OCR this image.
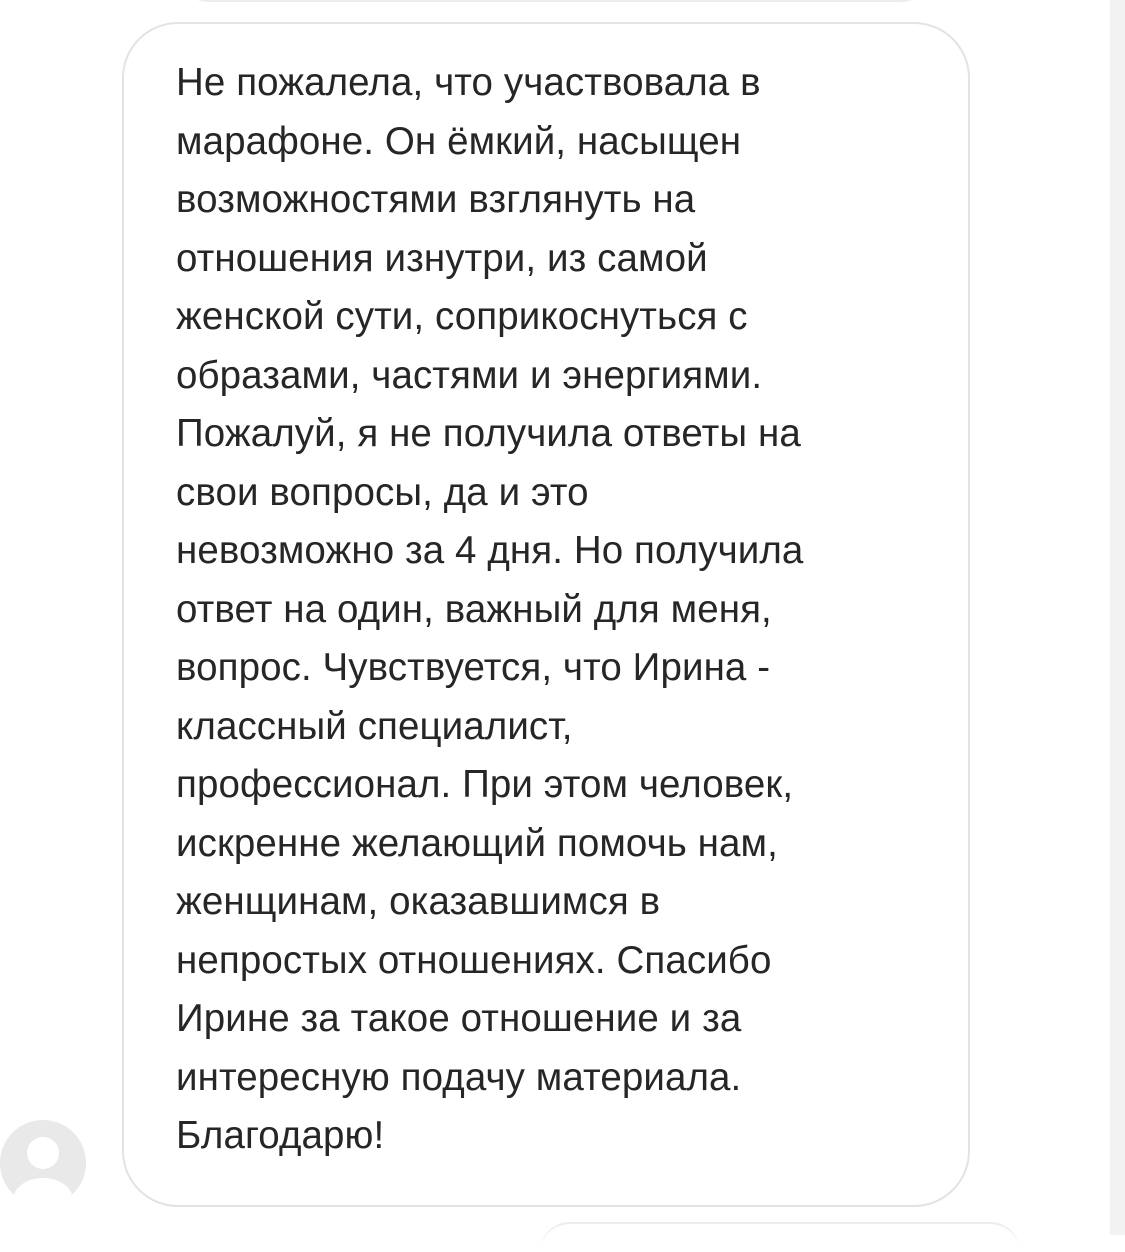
Не пожалела, что участвовала в
марафоне. Он ёмкий, насыщен
возможностями взглянуть на
отношения изнутри, из самой
женской сути, соприкоснуться с
образами, частями и энергиями.
Пожалуй, я не получила ответы на
свои вопросы, да и это
невозможно за 4 дня. Но получила
ответ на один, важный для меня,
вопрос. Чувствуется, что Ирина -
классный специалист,
профессионал. При этом человек,
искренне желающий помочь нам,
женщинам, оказавшимся в
непростых отношениях. Спасибо
Ирине за такое отношение и за
интересную подачу материала.
Благодарю!
